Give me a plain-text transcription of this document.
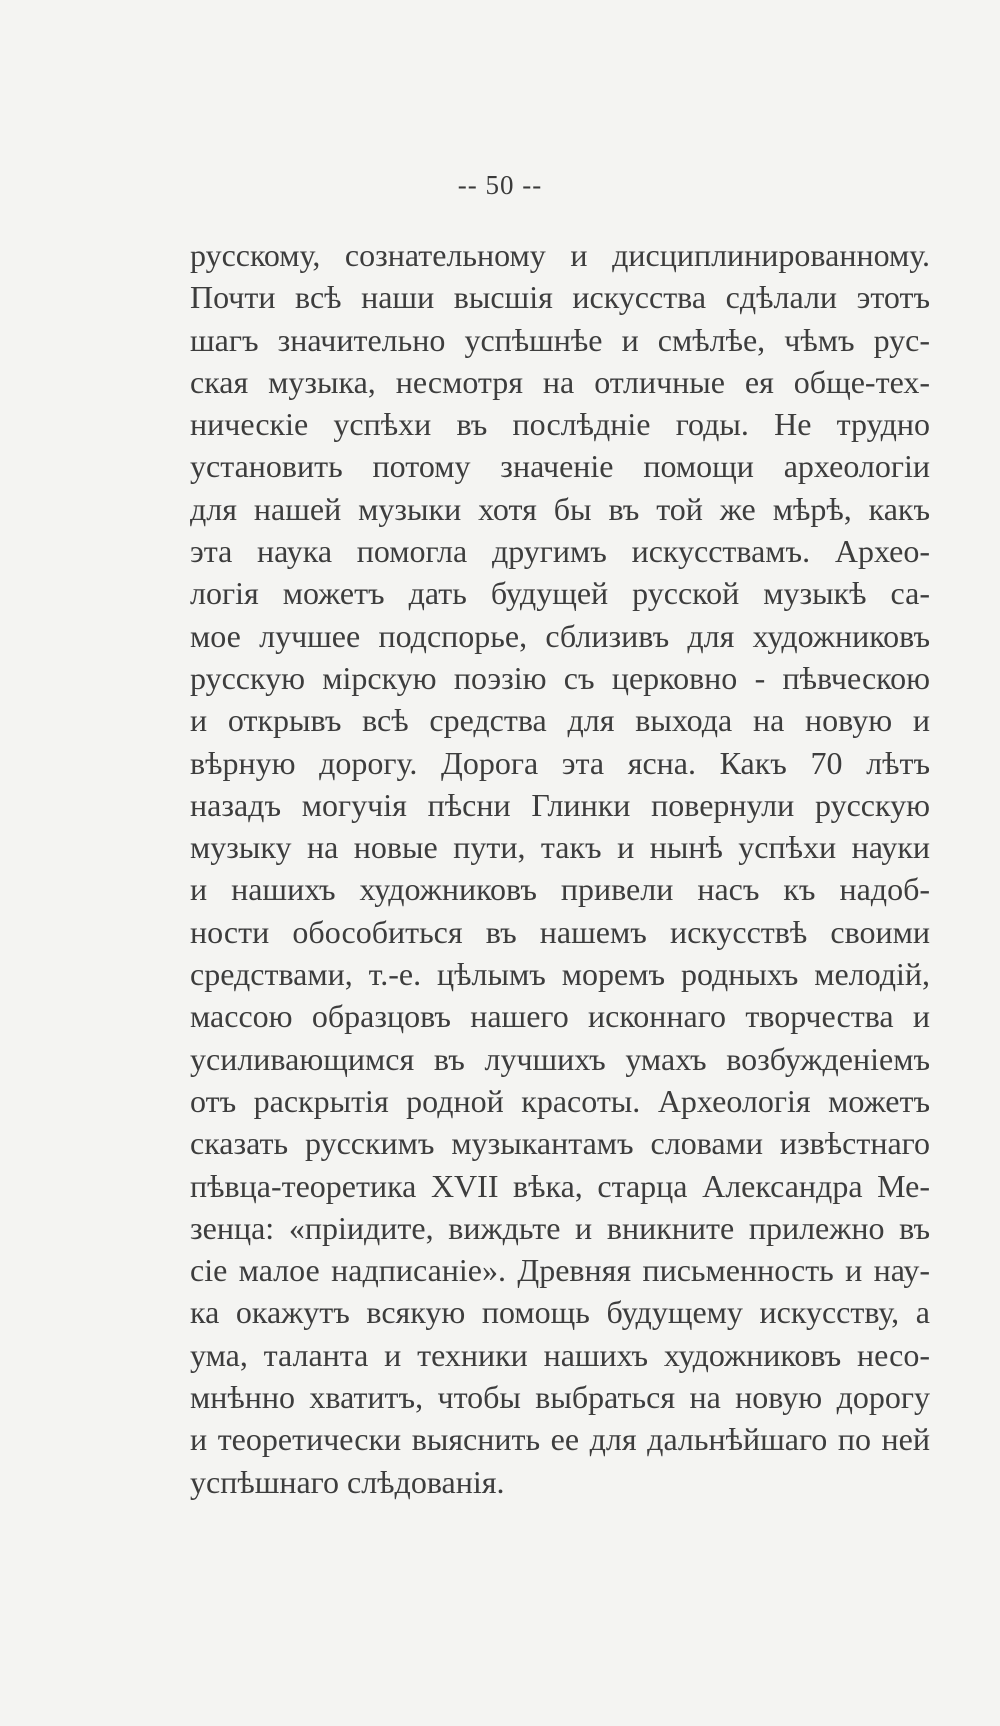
-- 50 --
русскому, сознательному и дисциплинированному.
Почти всѣ наши высшія искусства сдѣлали этотъ
шагъ значительно успѣшнѣе и смѣлѣе, чѣмъ рус-
ская музыка, несмотря на отличные ея обще-тех-
ническіе успѣхи въ послѣдніе годы. Не трудно
установить потому значеніе помощи археологіи
для нашей музыки хотя бы въ той же мѣрѣ, какъ
эта наука помогла другимъ искусствамъ. Архео-
логія можетъ дать будущей русской музыкѣ са-
мое лучшее подспорье, сблизивъ для художниковъ
русскую мірскую поэзію съ церковно - пѣвческою
и открывъ всѣ средства для выхода на новую и
вѣрную дорогу. Дорога эта ясна. Какъ 70 лѣтъ
назадъ могучія пѣсни Глинки повернули русскую
музыку на новые пути, такъ и нынѣ успѣхи науки
и нашихъ художниковъ привели насъ къ надоб-
ности обособиться въ нашемъ искусствѣ своими
средствами, т.-е. цѣлымъ моремъ родныхъ мелодій,
массою образцовъ нашего исконнаго творчества и
усиливающимся въ лучшихъ умахъ возбужденіемъ
отъ раскрытія родной красоты. Археологія можетъ
сказать русскимъ музыкантамъ словами извѣстнаго
пѣвца-теоретика XVII вѣка, старца Александра Ме-
зенца: «пріидите, виждьте и вникните прилежно въ
сіе малое надписаніе». Древняя письменность и нау-
ка окажутъ всякую помощь будущему искусству, а
ума, таланта и техники нашихъ художниковъ несо-
мнѣнно хватитъ, чтобы выбраться на новую дорогу
и теоретически выяснить ее для дальнѣйшаго по ней
успѣшнаго слѣдованія.
